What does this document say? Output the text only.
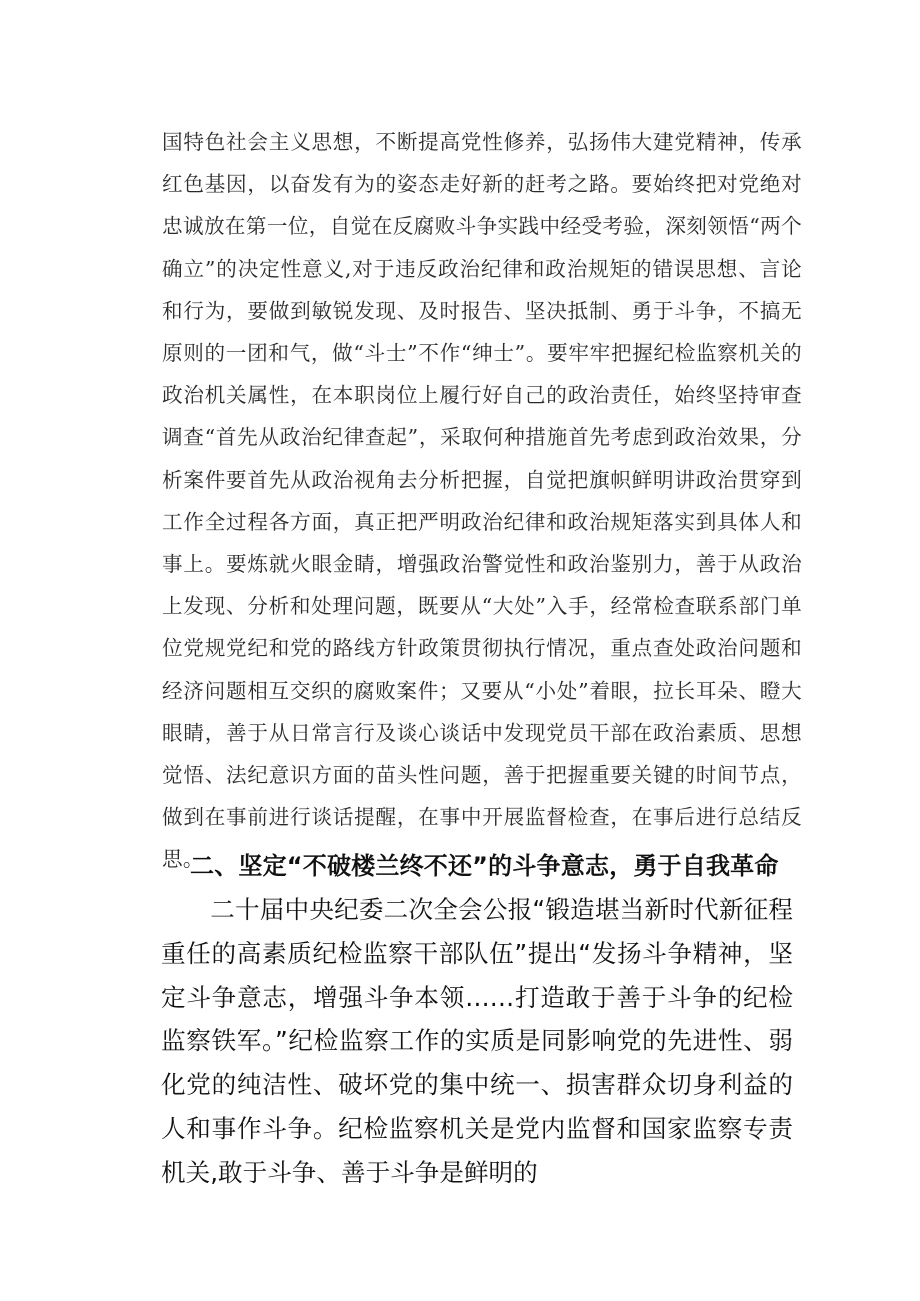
国特色社会主义思想，不断提高党性修养，弘扬伟大建党精神，传承红色基因，以奋发有为的姿态走好新的赶考之路。要始终把对党绝对忠诚放在第一位，自觉在反腐败斗争实践中经受考验，深刻领悟“两个确立”的决定性意义,对于违反政治纪律和政治规矩的错误思想、言论和行为，要做到敏锐发现、及时报告、坚决抵制、勇于斗争，不搞无原则的一团和气，做“斗士”不作“绅士”。要牢牢把握纪检监察机关的政治机关属性，在本职岗位上履行好自己的政治责任，始终坚持审查调查“首先从政治纪律查起”，采取何种措施首先考虑到政治效果，分析案件要首先从政治视角去分析把握，自觉把旗帜鲜明讲政治贯穿到工作全过程各方面，真正把严明政治纪律和政治规矩落实到具体人和事上。要炼就火眼金睛，增强政治警觉性和政治鉴别力，善于从政治上发现、分析和处理问题，既要从“大处”入手，经常检查联系部门单位党规党纪和党的路线方针政策贯彻执行情况，重点查处政治问题和经济问题相互交织的腐败案件；又要从“小处”着眼，拉长耳朵、瞪大眼睛，善于从日常言行及谈心谈话中发现党员干部在政治素质、思想觉悟、法纪意识方面的苗头性问题，善于把握重要关键的时间节点，做到在事前进行谈话提醒，在事中开展监督检查，在事后进行总结反思。

二、坚定“不破楼兰终不还”的斗争意志，勇于自我革命

二十届中央纪委二次全会公报“锻造堪当新时代新征程重任的高素质纪检监察干部队伍”提出“发扬斗争精神，坚定斗争意志，增强斗争本领……打造敢于善于斗争的纪检监察铁军。”纪检监察工作的实质是同影响党的先进性、弱化党的纯洁性、破坏党的集中统一、损害群众切身利益的人和事作斗争。纪检监察机关是党内监督和国家监察专责机关,敢于斗争、善于斗争是鲜明的
